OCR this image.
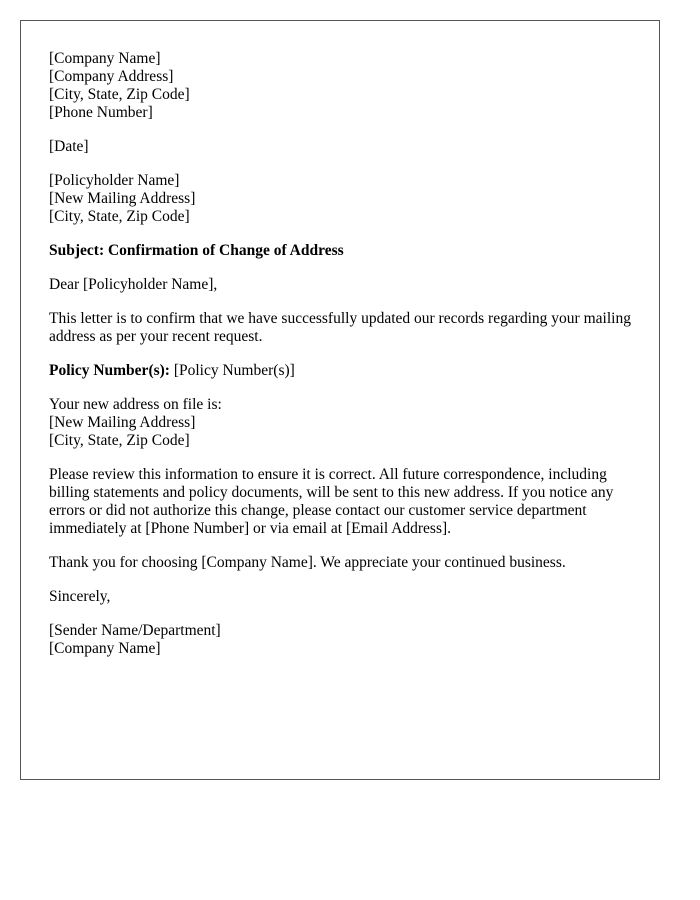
[Company Name]
[Company Address]
[City, State, Zip Code]
[Phone Number]
[Date]
[Policyholder Name]
[New Mailing Address]
[City, State, Zip Code]
Subject: Confirmation of Change of Address
Dear [Policyholder Name],

This letter is to confirm that we have successfully updated our records regarding your mailing address as per your recent request.

Policy Number(s): [Policy Number(s)]
Your new address on file is:
[New Mailing Address]
[City, State, Zip Code]

Please review this information to ensure it is correct. All future correspondence, including billing statements and policy documents, will be sent to this new address. If you notice any errors or did not authorize this change, please contact our customer service department immediately at [Phone Number] or via email at [Email Address].

Thank you for choosing [Company Name]. We appreciate your continued business.

Sincerely,
[Sender Name/Department]
[Company Name]
